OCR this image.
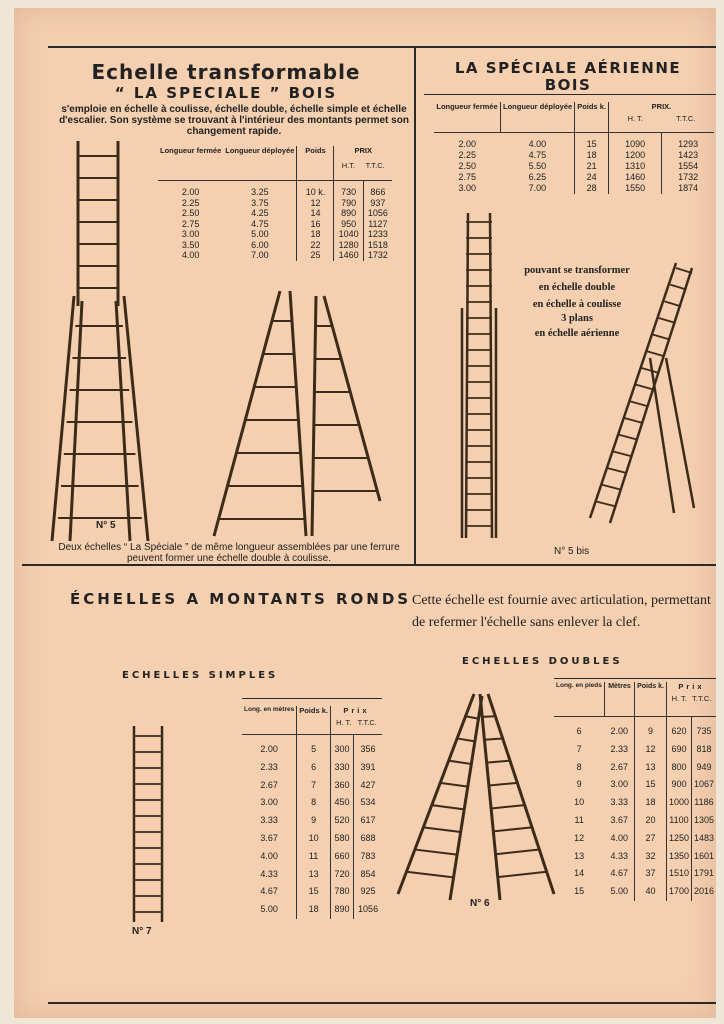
Echelle transformable
“ LA SPECIALE ” BOIS
s'emploie en échelle à coulisse, échelle double, échelle simple et échelle d'escalier. Son système se trouvant à l'intérieur des montants permet son changement rapide.
Longueur fermée	Longueur déployée	Poids	PRIX
H.T. T.T.C.	

2.00	3.25	10 k.	730	866
2.25	3.75	12	790	937
2.50	4.25	14	890	1056
2.75	4.75	16	950	1127
3.00	5.00	18	1040	1233
3.50	6.00	22	1280	1518
4.00	7.00	25	1460	1732
N° 5
Deux échelles “ La Spéciale ” de même longueur assemblées par une ferrure peuvent former une échelle double à coulisse.
LA SPÉCIALE AÉRIENNE
BOIS
Longueur fermée	Longueur déployée	Poids k.	PRIX.
H. T. T.T.C.	

2.00	4.00	15	1090	1293
2.25	4.75	18	1200	1423
2.50	5.50	21	1310	1554
2.75	6.25	24	1460	1732
3.00	7.00	28	1550	1874
pouvant se transformer
en échelle double
en échelle à coulisse
3 plans
en échelle aérienne
N° 5 bis
ÉCHELLES A MONTANTS RONDS Cette échelle est fournie avec articulation, permettant de refermer l'échelle sans enlever la clef.
ECHELLES SIMPLES
Long. en mètres	Poids k.	Prix
H. T. T.T.C.	

2.00	5	300	356
2.33	6	330	391
2.67	7	360	427
3.00	8	450	534
3.33	9	520	617
3.67	10	580	688
4.00	11	660	783
4.33	13	720	854
4.67	15	780	925
5.00	18	890	1056
N° 7
ECHELLES DOUBLES
Long. en pieds	Mètres	Poids k.	Prix
H. T. T.T.C.	

6	2.00	9	620	735
7	2.33	12	690	818
8	2.67	13	800	949
9	3.00	15	900	1067
10	3.33	18	1000	1186
11	3.67	20	1100	1305
12	4.00	27	1250	1483
13	4.33	32	1350	1601
14	4.67	37	1510	1791
15	5.00	40	1700	2016
N° 6
